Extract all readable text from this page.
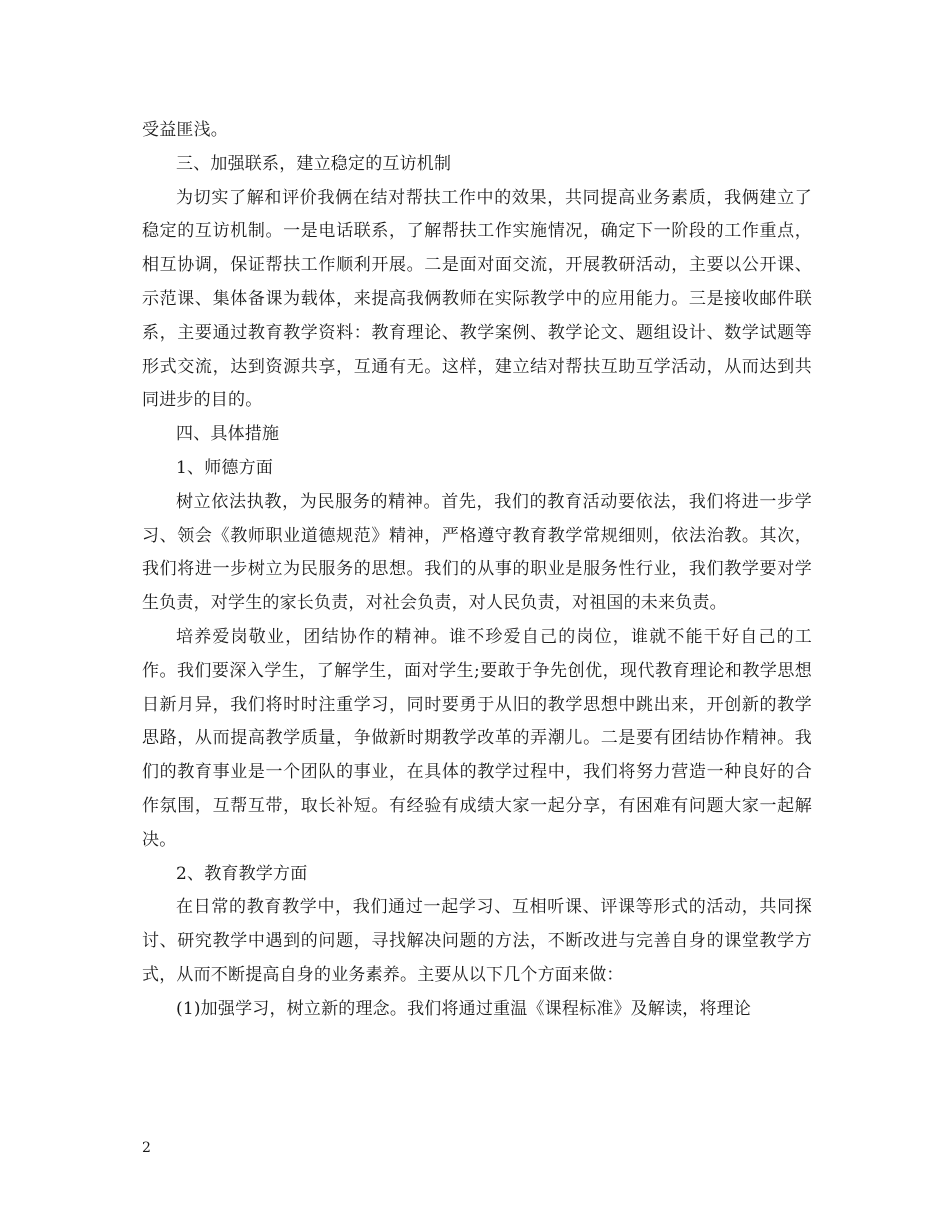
受益匪浅。

三、加强联系，建立稳定的互访机制

为切实了解和评价我俩在结对帮扶工作中的效果，共同提高业务素质，我俩建立了稳定的互访机制。一是电话联系，了解帮扶工作实施情况，确定下一阶段的工作重点，相互协调，保证帮扶工作顺利开展。二是面对面交流，开展教研活动，主要以公开课、示范课、集体备课为载体，来提高我俩教师在实际教学中的应用能力。三是接收邮件联系，主要通过教育教学资料：教育理论、教学案例、教学论文、题组设计、数学试题等形式交流，达到资源共享，互通有无。这样，建立结对帮扶互助互学活动，从而达到共同进步的目的。

四、具体措施

1、师德方面

树立依法执教，为民服务的精神。首先，我们的教育活动要依法，我们将进一步学习、领会《教师职业道德规范》精神，严格遵守教育教学常规细则，依法治教。其次，我们将进一步树立为民服务的思想。我们的从事的职业是服务性行业，我们教学要对学生负责，对学生的家长负责，对社会负责，对人民负责，对祖国的未来负责。

培养爱岗敬业，团结协作的精神。谁不珍爱自己的岗位，谁就不能干好自己的工作。我们要深入学生，了解学生，面对学生;要敢于争先创优，现代教育理论和教学思想日新月异，我们将时时注重学习，同时要勇于从旧的教学思想中跳出来，开创新的教学思路，从而提高教学质量，争做新时期教学改革的弄潮儿。二是要有团结协作精神。我们的教育事业是一个团队的事业，在具体的教学过程中，我们将努力营造一种良好的合作氛围，互帮互带，取长补短。有经验有成绩大家一起分享，有困难有问题大家一起解决。

2、教育教学方面

在日常的教育教学中，我们通过一起学习、互相听课、评课等形式的活动，共同探讨、研究教学中遇到的问题，寻找解决问题的方法，不断改进与完善自身的课堂教学方式，从而不断提高自身的业务素养。主要从以下几个方面来做：

(1)加强学习，树立新的理念。我们将通过重温《课程标准》及解读，将理论

2
